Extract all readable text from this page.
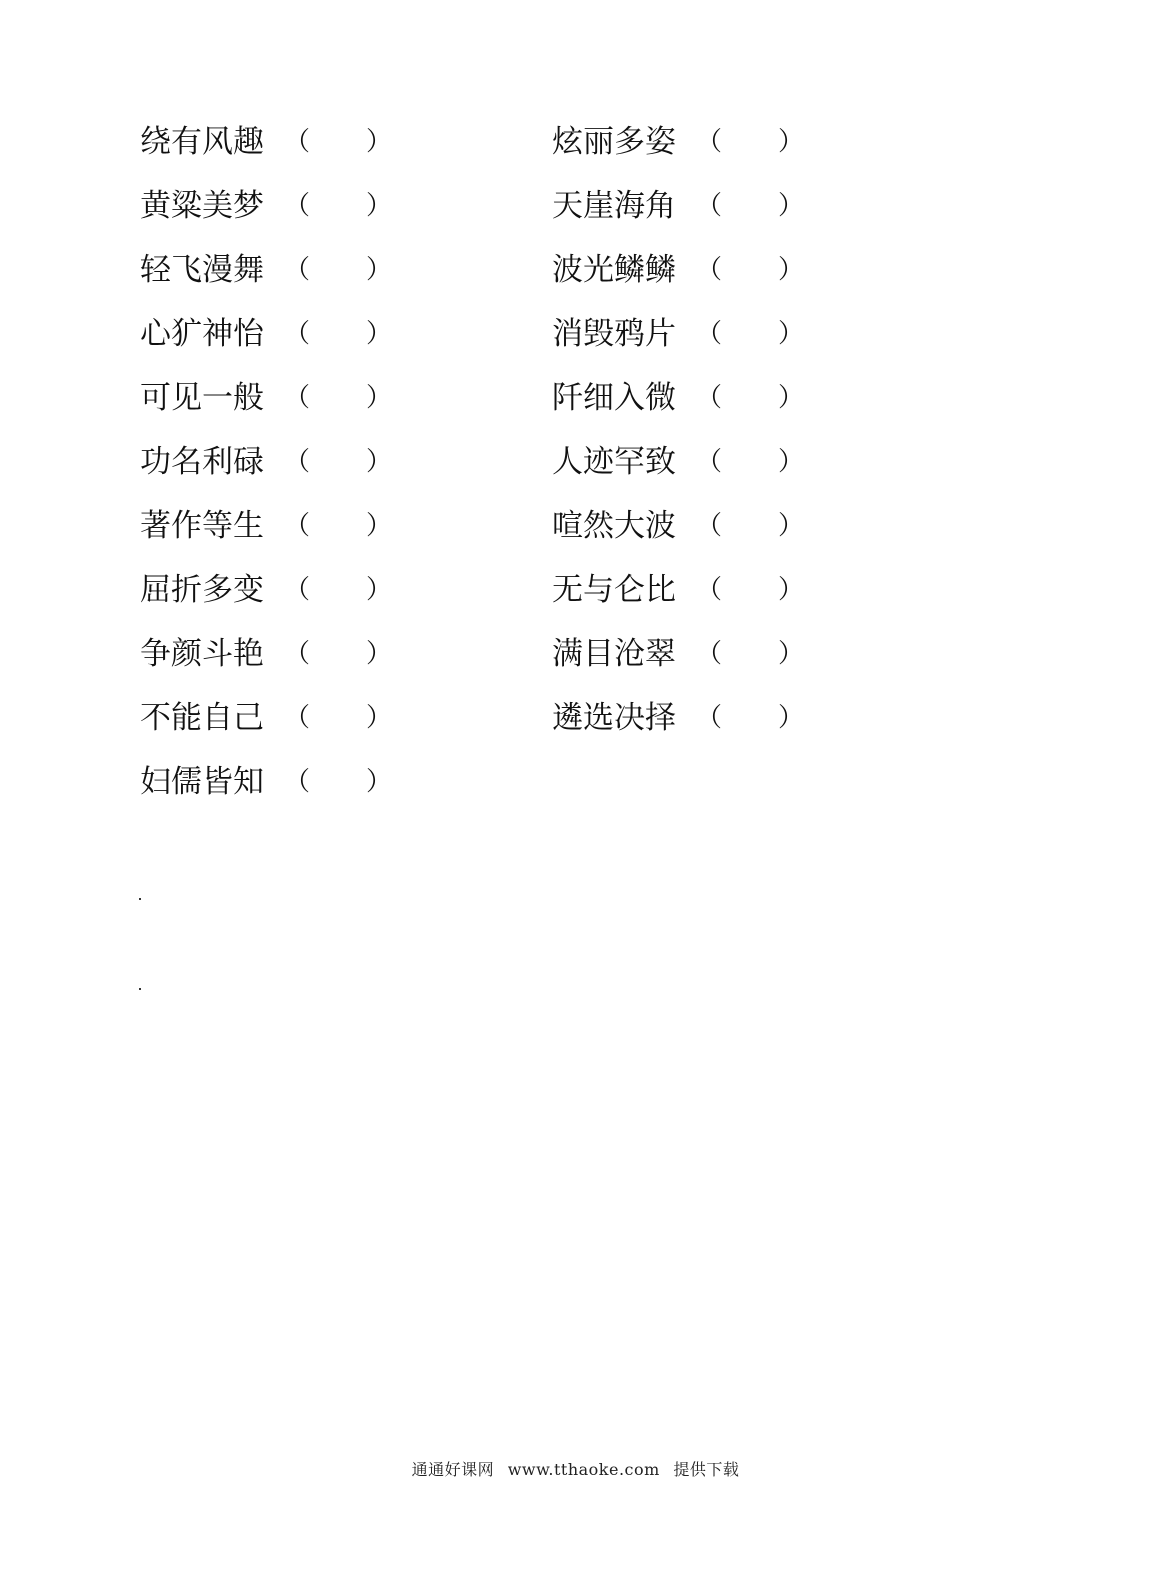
绕有风趣 （	）
黄粱美梦 （	）
轻飞漫舞 （	）
心犷神怡 （	）
可见一般 （	）
功名利碌 （	）
著作等生 （	）
屈折多变 （	）
争颜斗艳 （	）
不能自己 （	）
妇儒皆知 （	）
炫丽多姿 （	）
天崖海角 （	）
波光鳞鳞 （	）
消毁鸦片 （	）
阡细入微 （	）
人迹罕致 （	）
喧然大波 （	）
无与仑比 （	）
满目沧翠 （	）
遴选决择 （	）
通通好课网 www.tthaoke.com 提供下载
